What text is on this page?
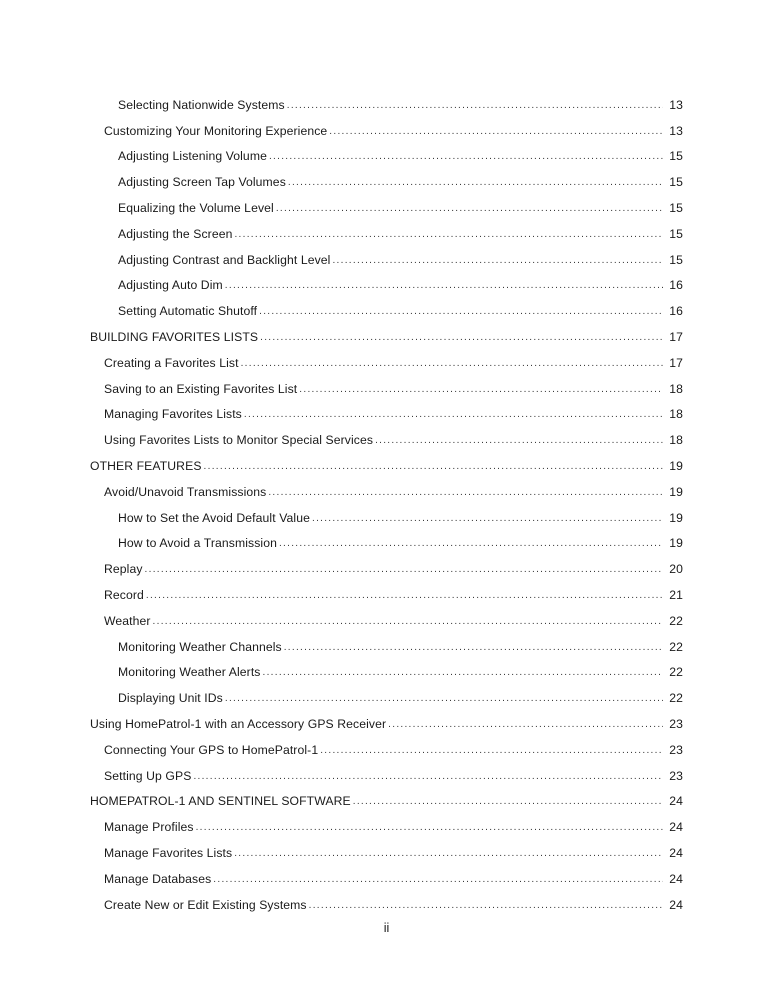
Selecting Nationwide Systems .....	13
Customizing Your Monitoring Experience .....	13
Adjusting Listening Volume .....	15
Adjusting Screen Tap Volumes .....	15
Equalizing the Volume Level .....	15
Adjusting the Screen .....	15
Adjusting Contrast and Backlight Level .....	15
Adjusting Auto Dim .....	16
Setting Automatic Shutoff .....	16
BUILDING FAVORITES LISTS .....	17
Creating a Favorites List .....	17
Saving to an Existing Favorites List .....	18
Managing Favorites Lists .....	18
Using Favorites Lists to Monitor Special Services .....	18
OTHER FEATURES .....	19
Avoid/Unavoid Transmissions .....	19
How to Set the Avoid Default Value .....	19
How to Avoid a Transmission .....	19
Replay .....	20
Record .....	21
Weather .....	22
Monitoring Weather Channels .....	22
Monitoring Weather Alerts .....	22
Displaying Unit IDs .....	22
Using HomePatrol-1 with an Accessory GPS Receiver .....	23
Connecting Your GPS to HomePatrol-1 .....	23
Setting Up GPS .....	23
HOMEPATROL-1 AND SENTINEL SOFTWARE .....	24
Manage Profiles .....	24
Manage Favorites Lists .....	24
Manage Databases .....	24
Create New or Edit Existing Systems .....	24
ii
